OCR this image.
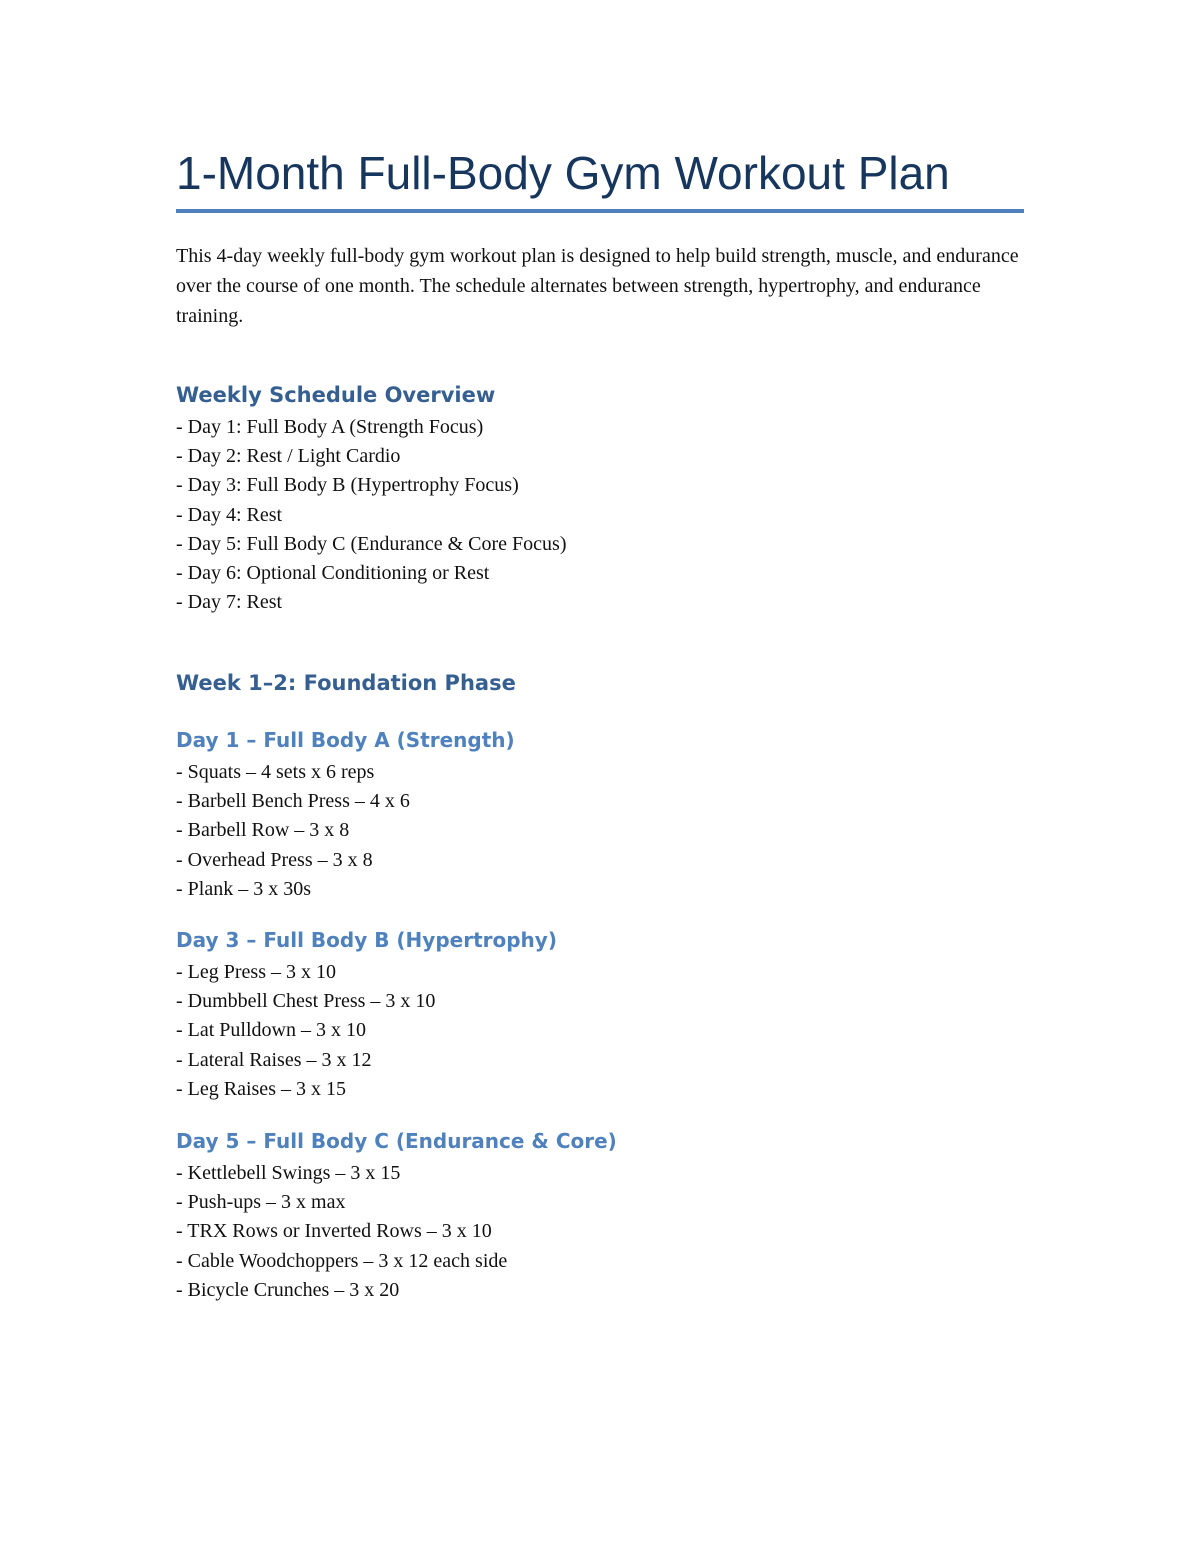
1-Month Full-Body Gym Workout Plan

This 4-day weekly full-body gym workout plan is designed to help build strength, muscle, and endurance over the course of one month. The schedule alternates between strength, hypertrophy, and endurance training.

Weekly Schedule Overview
- Day 1: Full Body A (Strength Focus)
- Day 2: Rest / Light Cardio
- Day 3: Full Body B (Hypertrophy Focus)
- Day 4: Rest
- Day 5: Full Body C (Endurance & Core Focus)
- Day 6: Optional Conditioning or Rest
- Day 7: Rest
Week 1–2: Foundation Phase
Day 1 – Full Body A (Strength)
- Squats – 4 sets x 6 reps
- Barbell Bench Press – 4 x 6
- Barbell Row – 3 x 8
- Overhead Press – 3 x 8
- Plank – 3 x 30s
Day 3 – Full Body B (Hypertrophy)
- Leg Press – 3 x 10
- Dumbbell Chest Press – 3 x 10
- Lat Pulldown – 3 x 10
- Lateral Raises – 3 x 12
- Leg Raises – 3 x 15
Day 5 – Full Body C (Endurance & Core)
- Kettlebell Swings – 3 x 15
- Push-ups – 3 x max
- TRX Rows or Inverted Rows – 3 x 10
- Cable Woodchoppers – 3 x 12 each side
- Bicycle Crunches – 3 x 20
